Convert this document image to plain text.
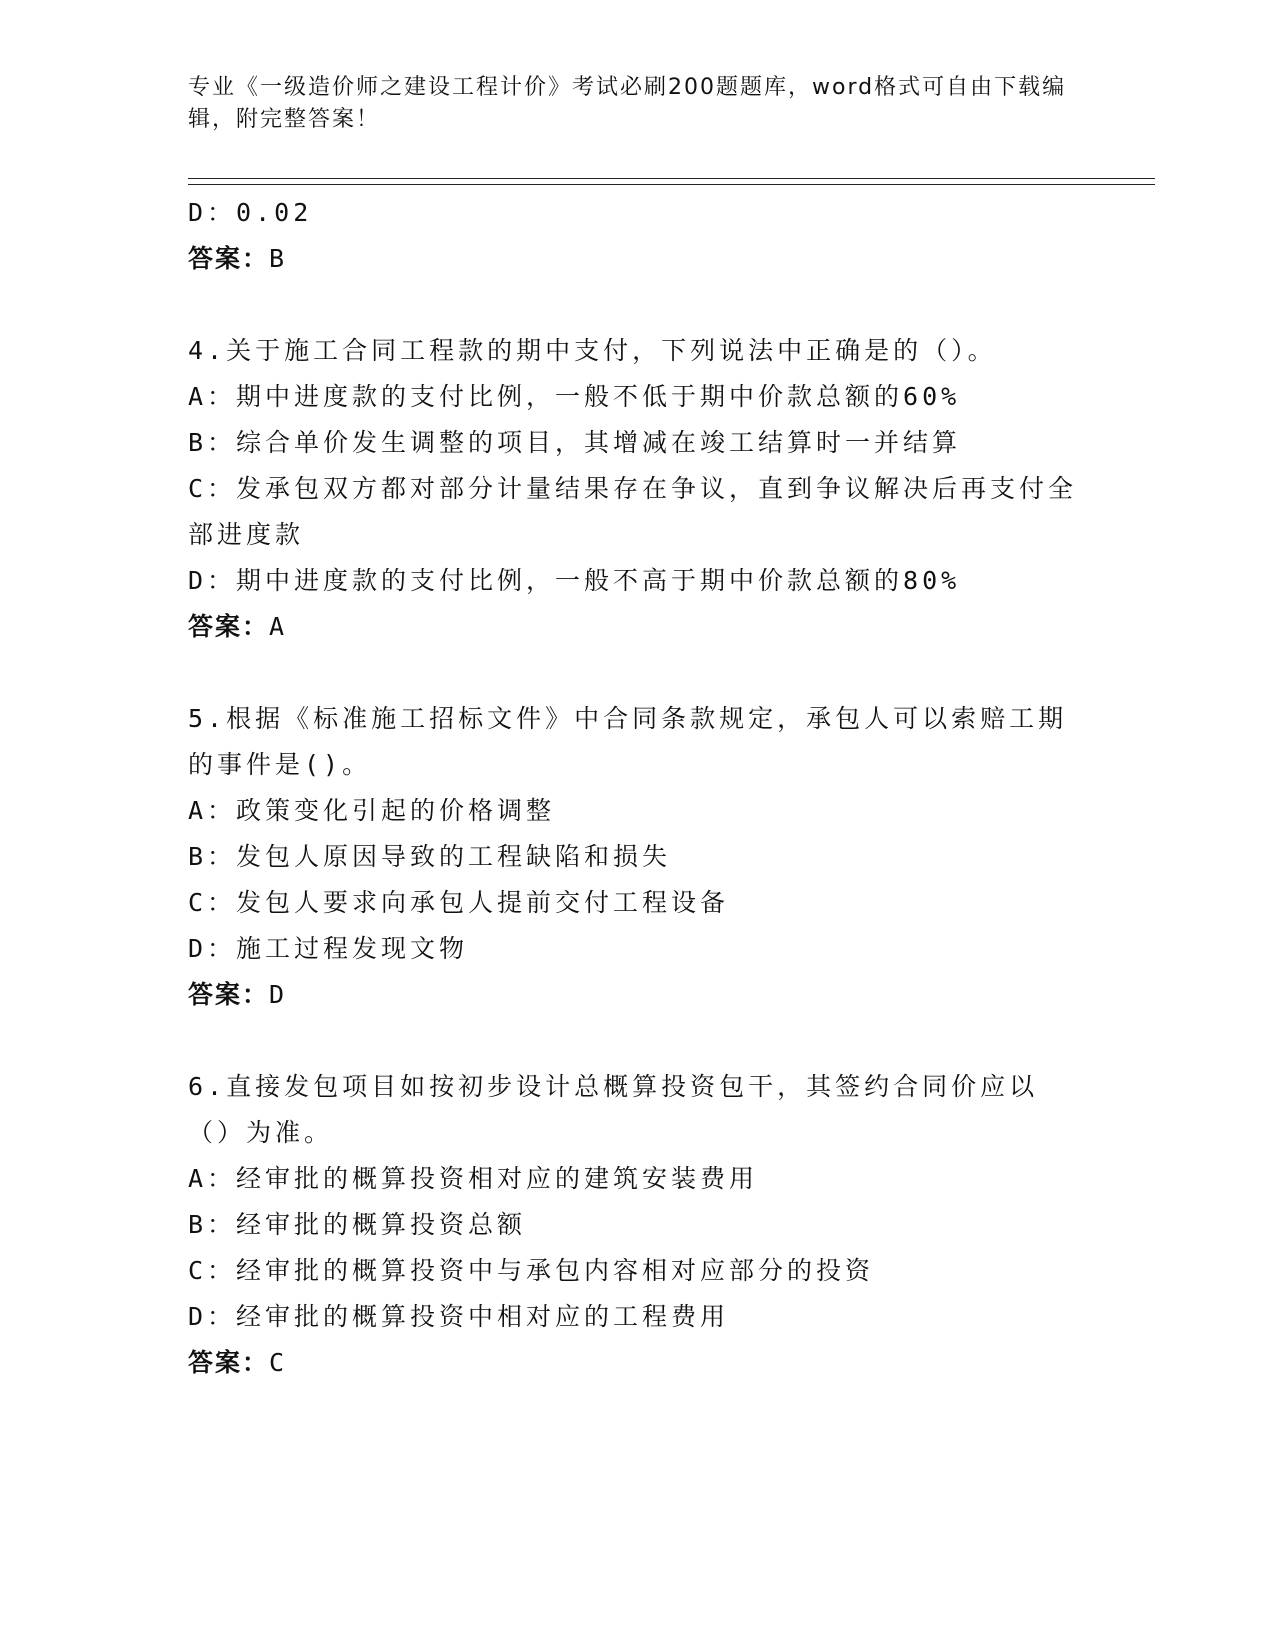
专业《一级造价师之建设工程计价》考试必刷200题题库，word格式可自由下载编辑，附完整答案！
D：0.02
答案：B
4.关于施工合同工程款的期中支付，下列说法中正确是的（）。
A：期中进度款的支付比例，一般不低于期中价款总额的60%
B：综合单价发生调整的项目，其增减在竣工结算时一并结算
C：发承包双方都对部分计量结果存在争议，直到争议解决后再支付全部进度款
D：期中进度款的支付比例，一般不高于期中价款总额的80%
答案：A
5.根据《标准施工招标文件》中合同条款规定，承包人可以索赔工期的事件是()。
A：政策变化引起的价格调整
B：发包人原因导致的工程缺陷和损失
C：发包人要求向承包人提前交付工程设备
D：施工过程发现文物
答案：D
6.直接发包项目如按初步设计总概算投资包干，其签约合同价应以（）为准。
A：经审批的概算投资相对应的建筑安装费用
B：经审批的概算投资总额
C：经审批的概算投资中与承包内容相对应部分的投资
D：经审批的概算投资中相对应的工程费用
答案：C
